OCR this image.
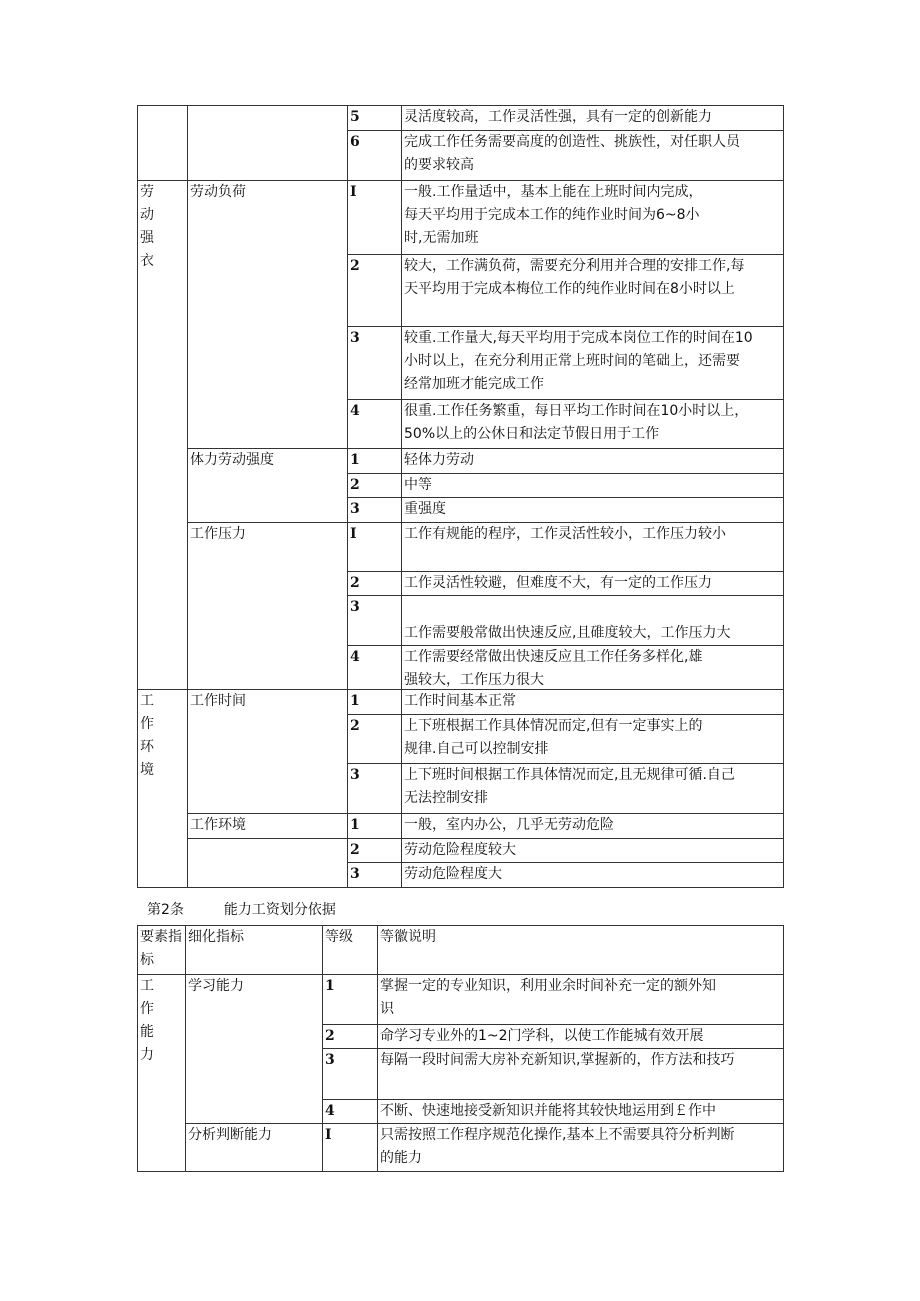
		5	灵活度较高，工作灵活性强，具有一定的创新能力

		6	完成工作任务需要高度的创造性、挑族性，对任职人员
的要求较高

劳
动
强
衣	劳动负荷	I	一般.工作量适中，基本上能在上班时间内完成，
每天平均用于完成本工作的纯作业时间为6~8小
时,无需加班

		2	较大，工作满负荷，需要充分利用并合理的安排工作,每
天平均用于完成本梅位工作的纯作业时间在8小时以上

		3	较重.工作量大,每天平均用于完成本岗位工作的时间在10
小时以上，在充分利用正常上班时间的笔础上，还需要
经常加班才能完成工作

		4	很重.工作任务繁重，每日平均工作时间在10小时以上，
50%以上的公休日和法定节假日用于工作

	体力劳动强度	1	轻体力劳动

		2	中等

		3	重强度

	工作压力	I	工作有规能的程序，工作灵活性较小，工作压力较小

		2	工作灵活性较避，但难度不大，有一定的工作压力

		3	工作需要般常做出快速反应,且碓度较大，工作压力大

		4	工作需要经常做出快速反应且工作任务多样化,雄
强较大，工作压力很大

工
作
环
境	工作时间	1	工作时间基本正常

		2	上下班根据工作具体情况而定,但有一定事实上的
规律.自己可以控制安排

		3	上下班时间根据工作具体情况而定,且无规律可循.自己
无法控制安排

	工作环境	1	一般，室内办公，几乎无劳动危险

		2	劳动危险程度较大

		3	劳动危险程度大
第2条	能力工资划分依据
要素指
标	细化指标	等级	等徽说明

工
作
能
力	学习能力	1	掌握一定的专业知识，利用业余时间补充一定的额外知
识

		2	命学习专业外的1~2门学科，以使工作能城有效开展

		3	每隔一段时间需大房补充新知识,掌握新的，作方法和技巧

		4	不断、快速地接受新知识并能将其较快地运用到￡作中

	分析判断能力	I	只需按照工作程序规范化操作,基本上不需要具符分析判断
的能力
